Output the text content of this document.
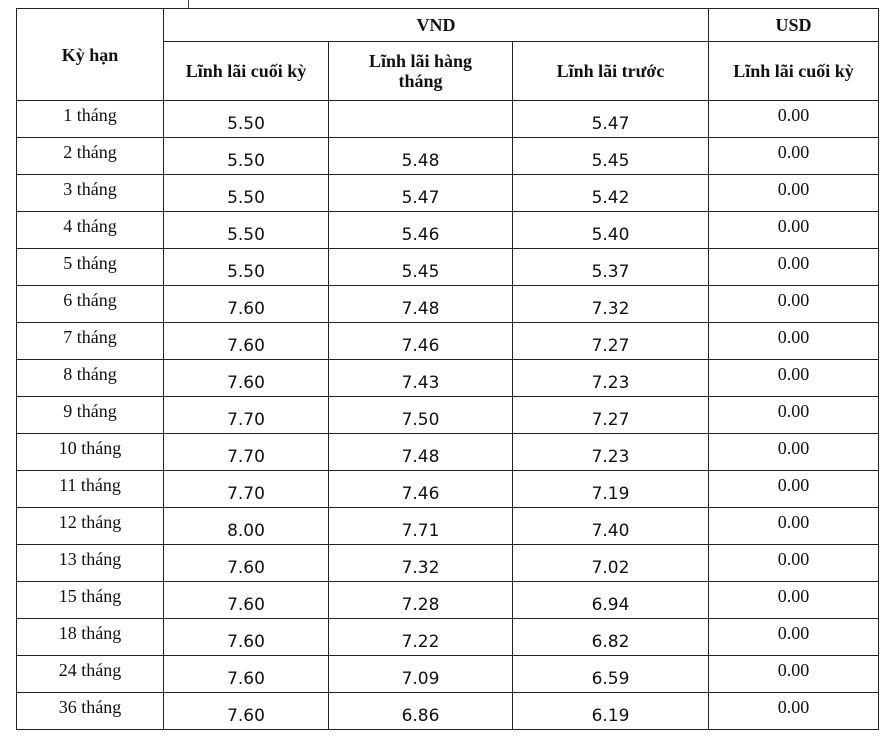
Kỳ hạn	VND			USD
	Lĩnh lãi cuối kỳ	Lĩnh lãi hàng tháng	Lĩnh lãi trước	Lĩnh lãi cuối kỳ
1 tháng	5.50		5.47	0.00
2 tháng	5.50	5.48	5.45	0.00
3 tháng	5.50	5.47	5.42	0.00
4 tháng	5.50	5.46	5.40	0.00
5 tháng	5.50	5.45	5.37	0.00
6 tháng	7.60	7.48	7.32	0.00
7 tháng	7.60	7.46	7.27	0.00
8 tháng	7.60	7.43	7.23	0.00
9 tháng	7.70	7.50	7.27	0.00
10 tháng	7.70	7.48	7.23	0.00
11 tháng	7.70	7.46	7.19	0.00
12 tháng	8.00	7.71	7.40	0.00
13 tháng	7.60	7.32	7.02	0.00
15 tháng	7.60	7.28	6.94	0.00
18 tháng	7.60	7.22	6.82	0.00
24 tháng	7.60	7.09	6.59	0.00
36 tháng	7.60	6.86	6.19	0.00
